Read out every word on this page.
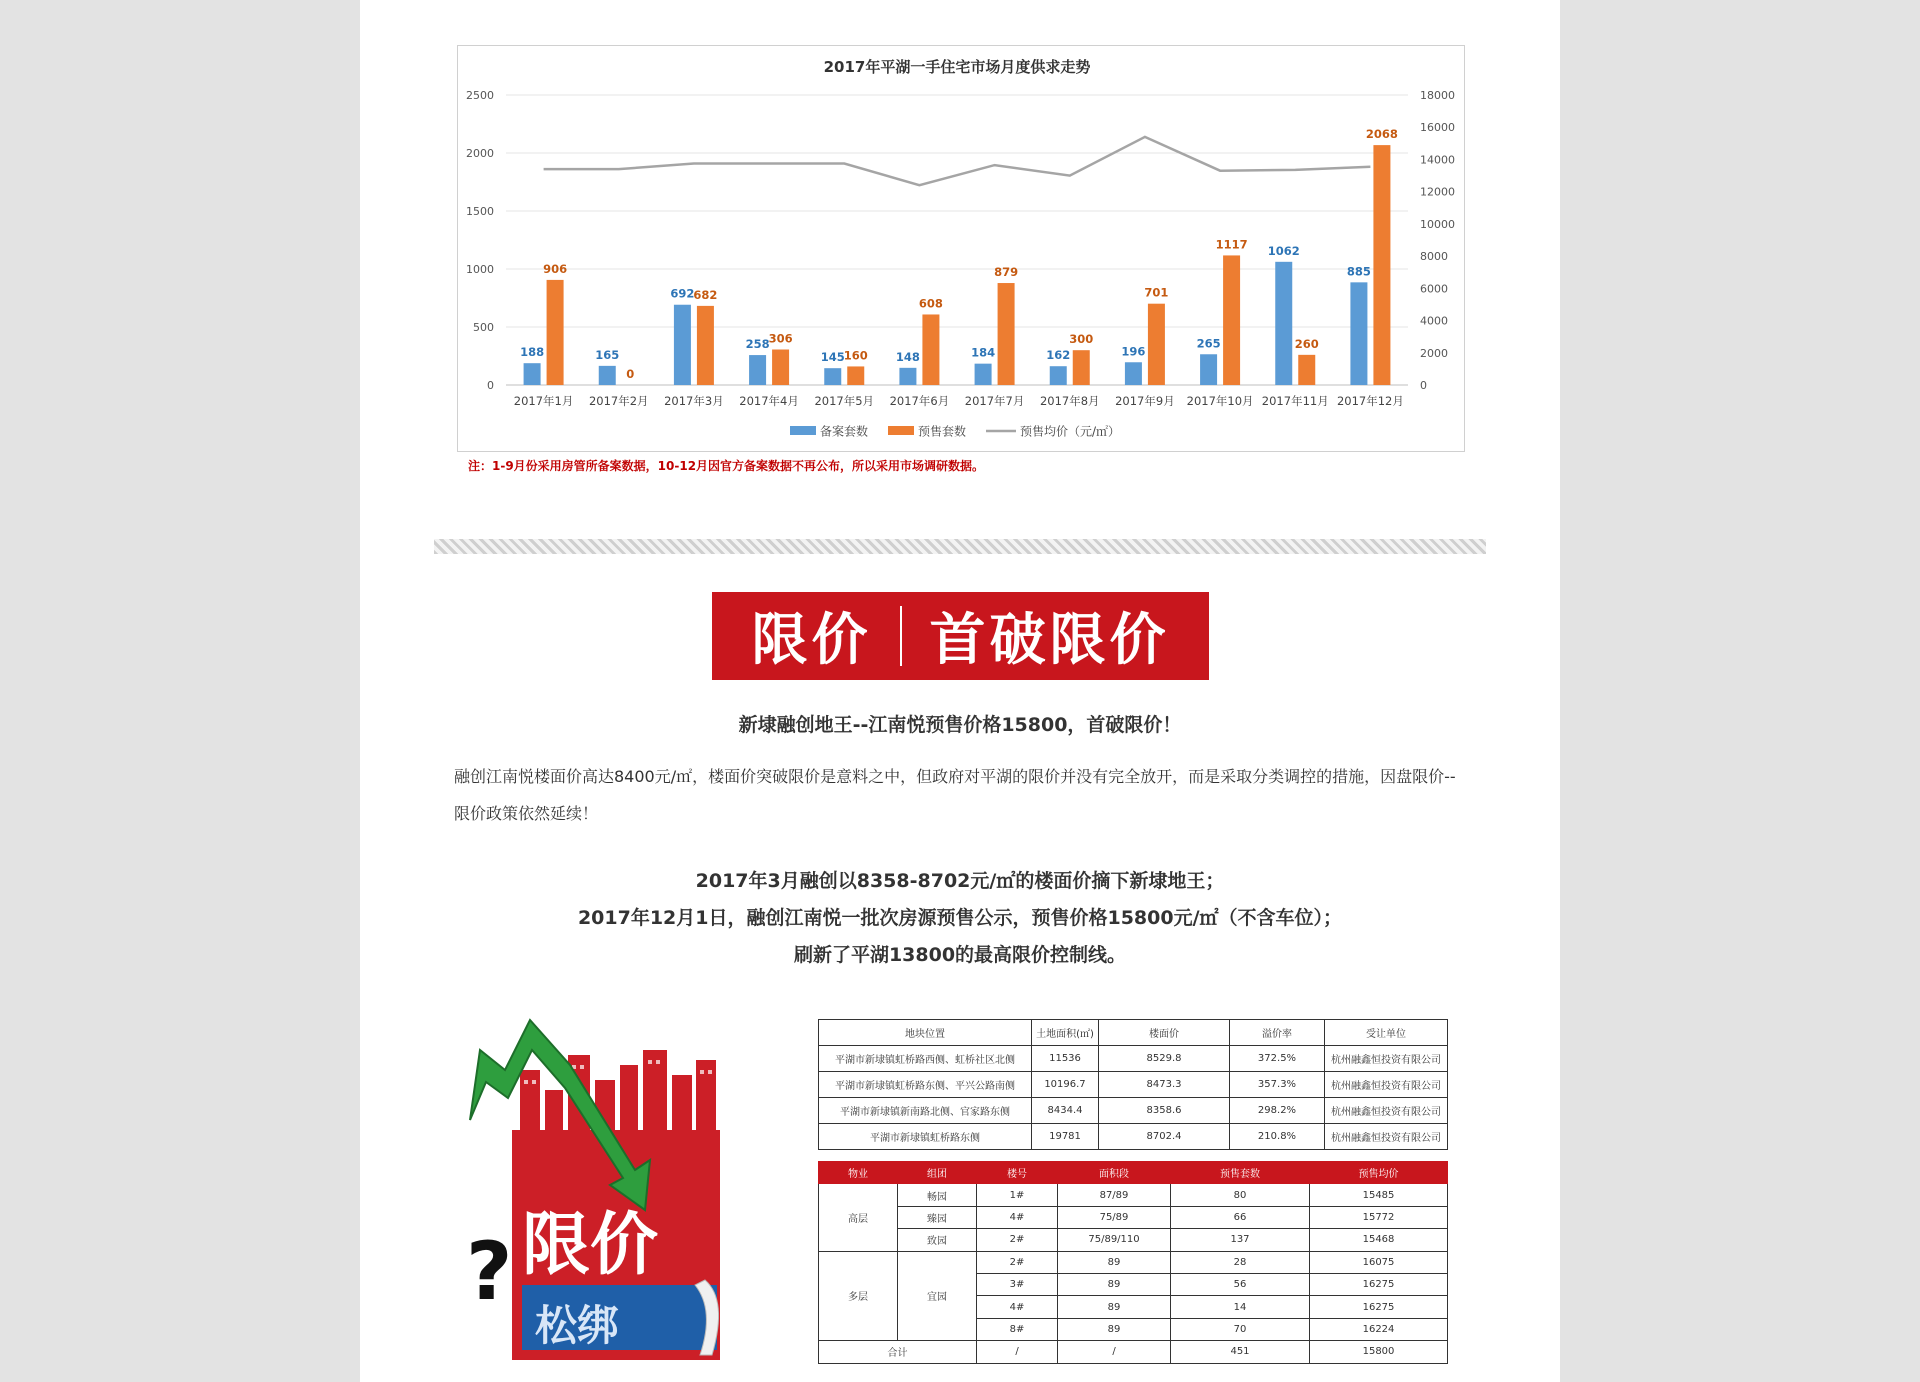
2017年平湖一手住宅市场月度供求走势
0
500
1000
1500
2000
2500
0
2000
4000
6000
8000
10000
12000
14000
16000
18000
2017年1月
188
906
2017年2月
165
0
2017年3月
692
682
2017年4月
258
306
2017年5月
145
160
2017年6月
148
608
2017年7月
184
879
2017年8月
162
300
2017年9月
196
701
2017年10月
265
1117
2017年11月
1062
260
2017年12月
885
2068
备案套数	预售套数	预售均价（元/㎡）
注：1-9月份采用房管所备案数据，10-12月因官方备案数据不再公布，所以采用市场调研数据。
限价 首破限价
新埭融创地王--江南悦预售价格15800，首破限价！
融创江南悦楼面价高达8400元/㎡，楼面价突破限价是意料之中，但政府对平湖的限价并没有完全放开，而是采取分类调控的措施，因盘限价--限价政策依然延续！
2017年3月融创以8358-8702元/㎡的楼面价摘下新埭地王；
2017年12月1日，融创江南悦一批次房源预售公示，预售价格15800元/㎡（不含车位）；
刷新了平湖13800的最高限价控制线。
限价
松绑
?
地块位置	土地面积(㎡)	楼面价	溢价率	受让单位
平湖市新埭镇虹桥路西侧、虹桥社区北侧	11536	8529.8	372.5%	杭州融鑫恒投资有限公司
平湖市新埭镇虹桥路东侧、平兴公路南侧	10196.7	8473.3	357.3%	杭州融鑫恒投资有限公司
平湖市新埭镇新南路北侧、官家路东侧	8434.4	8358.6	298.2%	杭州融鑫恒投资有限公司
平湖市新埭镇虹桥路东侧	19781	8702.4	210.8%	杭州融鑫恒投资有限公司
物业	组团	楼号	面积段	预售套数	预售均价
高层	畅园	1#	87/89	80	15485
	臻园	4#	75/89	66	15772
	致园	2#	75/89/110	137	15468
多层	宜园	2#	89	28	16075
		3#	89	56	16275
		4#	89	14	16275
		8#	89	70	16224
合计		/	/	451	15800
